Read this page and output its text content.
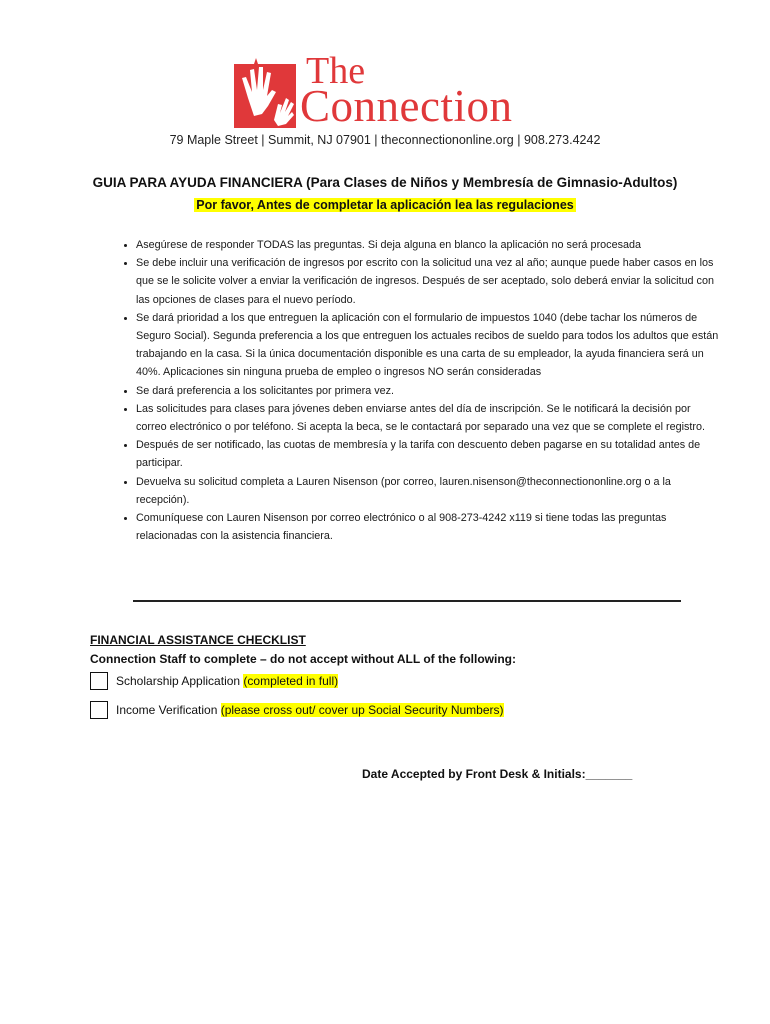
The
Connection
79 Maple Street | Summit, NJ 07901 | theconnectiononline.org | 908.273.4242
GUIA PARA AYUDA FINANCIERA (Para Clases de Niños y Membresía de Gimnasio-Adultos)
Por favor, Antes de completar la aplicación lea las regulaciones
• Asegúrese de responder TODAS las preguntas. Si deja alguna en blanco la aplicación no será procesada
• Se debe incluir una verificación de ingresos por escrito con la solicitud una vez al año; aunque puede haber casos en los que se le solicite volver a enviar la verificación de ingresos. Después de ser aceptado, solo deberá enviar la solicitud con las opciones de clases para el nuevo período.
• Se dará prioridad a los que entreguen la aplicación con el formulario de impuestos 1040 (debe tachar los números de Seguro Social). Segunda preferencia a los que entreguen los actuales recibos de sueldo para todos los adultos que están trabajando en la casa. Si la única documentación disponible es una carta de su empleador, la ayuda financiera será un 40%. Aplicaciones sin ninguna prueba de empleo o ingresos NO serán consideradas
• Se dará preferencia a los solicitantes por primera vez.
• Las solicitudes para clases para jóvenes deben enviarse antes del día de inscripción. Se le notificará la decisión por correo electrónico o por teléfono. Si acepta la beca, se le contactará por separado una vez que se complete el registro.
• Después de ser notificado, las cuotas de membresía y la tarifa con descuento deben pagarse en su totalidad antes de participar.
• Devuelva su solicitud completa a Lauren Nisenson (por correo, lauren.nisenson@theconnectiononline.org o a la recepción).
• Comuníquese con Lauren Nisenson por correo electrónico o al 908-273-4242 x119 si tiene todas las preguntas relacionadas con la asistencia financiera.
FINANCIAL ASSISTANCE CHECKLIST
Connection Staff to complete – do not accept without ALL of the following:
Scholarship Application (completed in full)
Income Verification (please cross out/ cover up Social Security Numbers)
Date Accepted by Front Desk & Initials:_______
